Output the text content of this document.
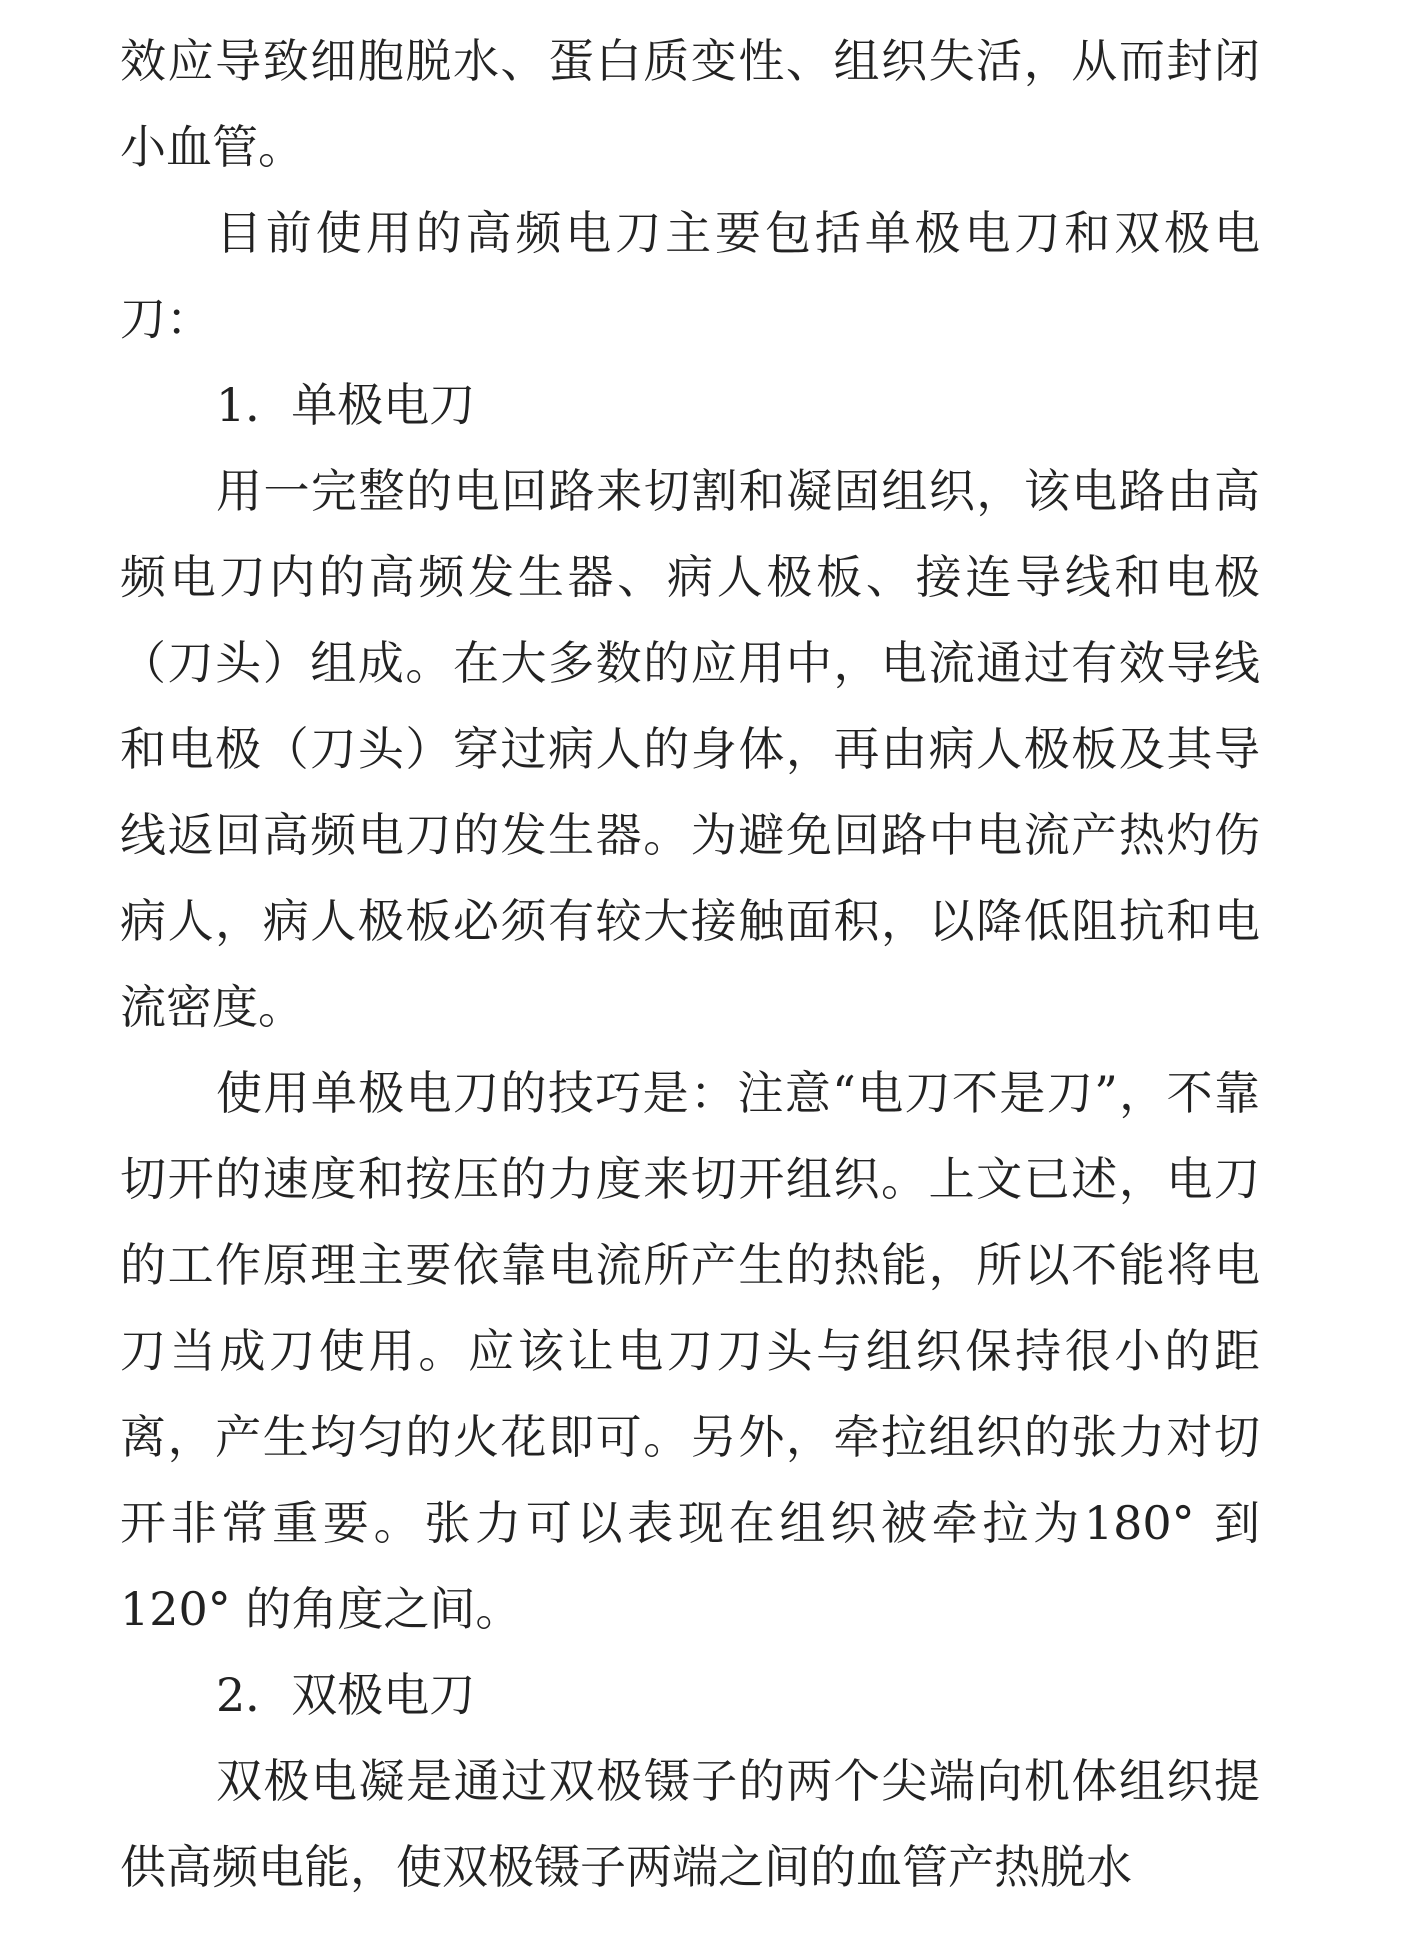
效应导致细胞脱水、蛋白质变性、组织失活，从而封闭小血管。

目前使用的高频电刀主要包括单极电刀和双极电刀：

1．单极电刀

用一完整的电回路来切割和凝固组织，该电路由高频电刀内的高频发生器、病人极板、接连导线和电极（刀头）组成。在大多数的应用中，电流通过有效导线和电极（刀头）穿过病人的身体，再由病人极板及其导线返回高频电刀的发生器。为避免回路中电流产热灼伤病人，病人极板必须有较大接触面积，以降低阻抗和电流密度。

使用单极电刀的技巧是：注意“电刀不是刀”，不靠切开的速度和按压的力度来切开组织。上文已述，电刀的工作原理主要依靠电流所产生的热能，所以不能将电刀当成刀使用。应该让电刀刀头与组织保持很小的距离，产生均匀的火花即可。另外，牵拉组织的张力对切开非常重要。张力可以表现在组织被牵拉为180° 到120° 的角度之间。

2．双极电刀

双极电凝是通过双极镊子的两个尖端向机体组织提供高频电能，使双极镊子两端之间的血管产热脱水
